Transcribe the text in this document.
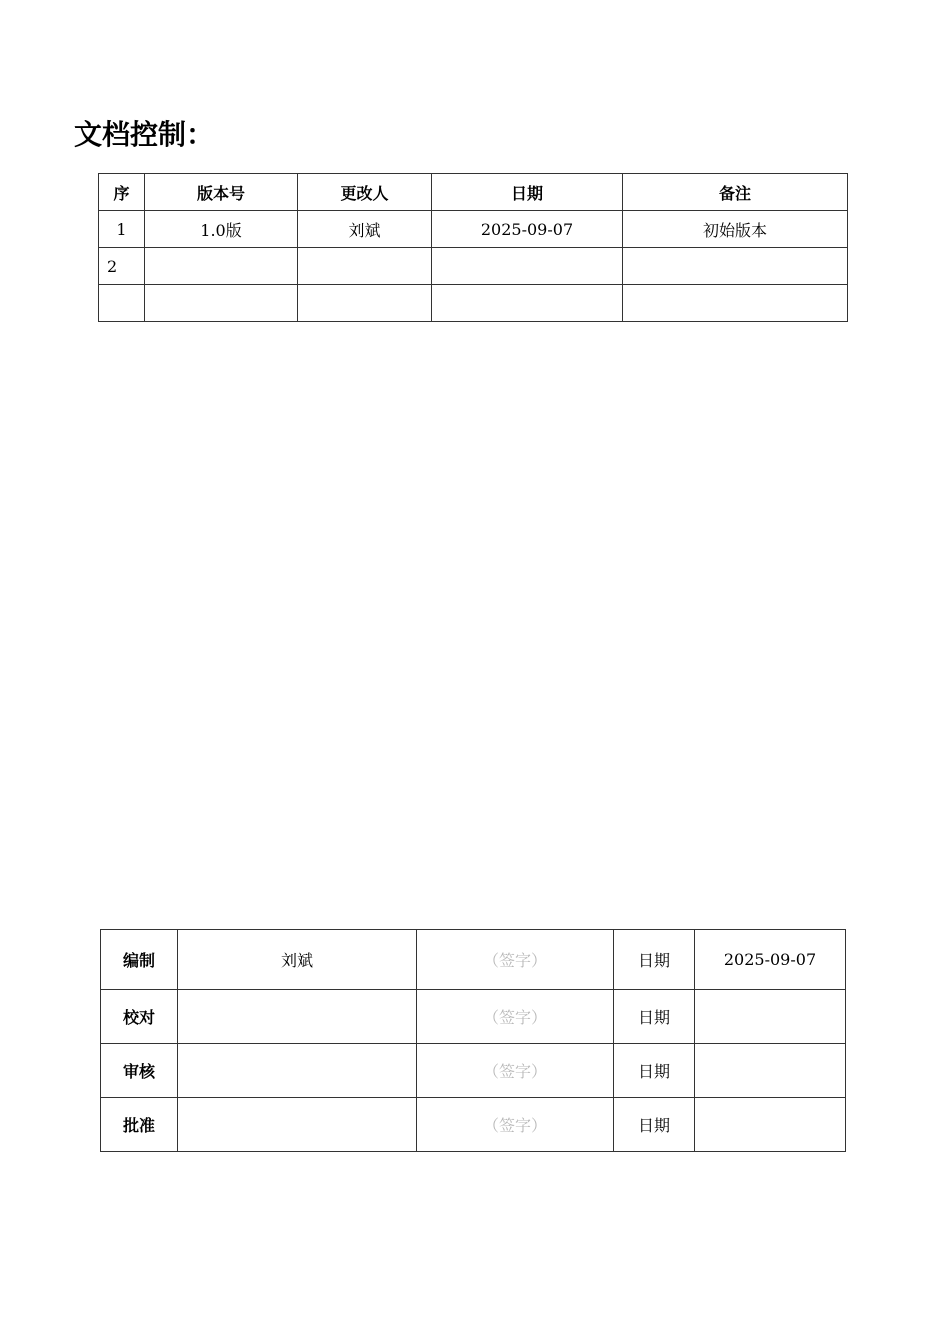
文档控制：
序	版本号	更改人	日期	备注
1	1.0版	刘斌	2025-09-07	初始版本
2				

编制	刘斌	（签字）	日期	2025-09-07
校对		（签字）	日期	
审核		（签字）	日期	
批准		（签字）	日期	
